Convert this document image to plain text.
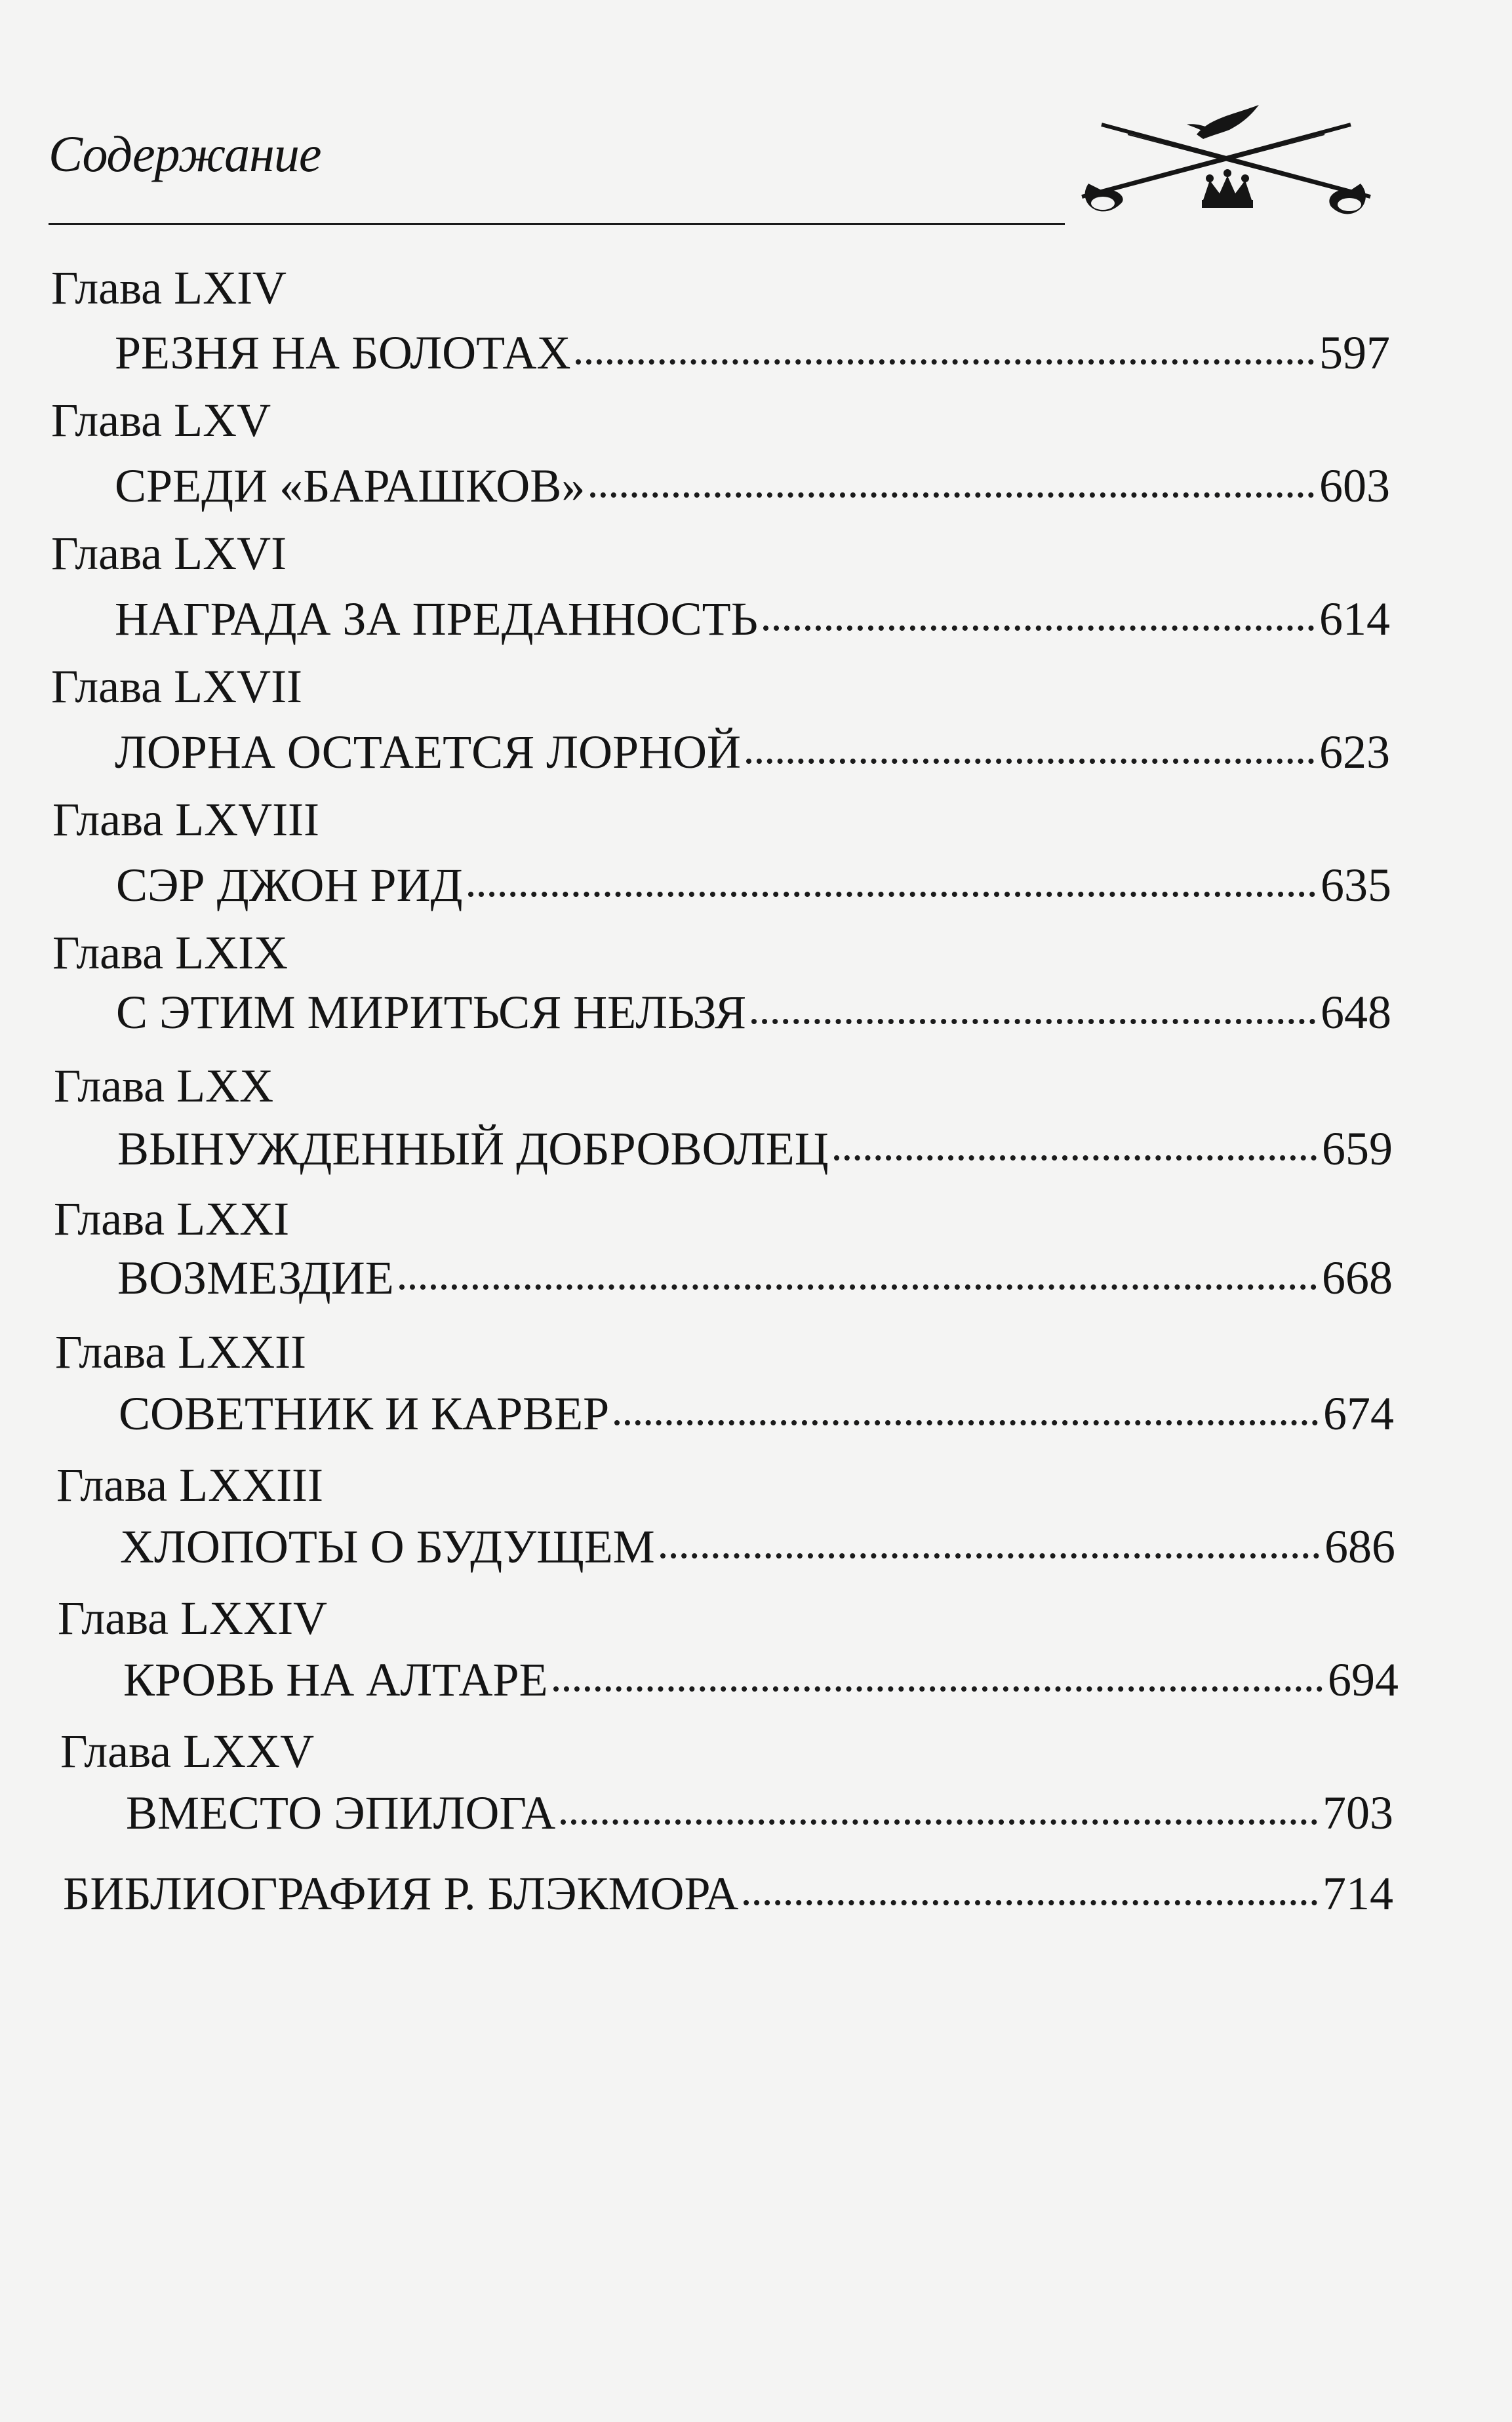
Содержание
Глава LXIV
РЕЗНЯ НА БОЛОТАХ	597
Глава LXV
СРЕДИ «БАРАШКОВ»	603
Глава LXVI
НАГРАДА ЗА ПРЕДАННОСТЬ	614
Глава LXVII
ЛОРНА ОСТАЕТСЯ ЛОРНОЙ	623
Глава LXVIII
СЭР ДЖОН РИД	635
Глава LXIX
С ЭТИМ МИРИТЬСЯ НЕЛЬЗЯ	648
Глава LXX
ВЫНУЖДЕННЫЙ ДОБРОВОЛЕЦ	659
Глава LXXI
ВОЗМЕЗДИЕ	668
Глава LXXII
СОВЕТНИК И КАРВЕР	674
Глава LXXIII
ХЛОПОТЫ О БУДУЩЕМ	686
Глава LXXIV
КРОВЬ НА АЛТАРЕ	694
Глава LXXV
ВМЕСТО ЭПИЛОГА	703
БИБЛИОГРАФИЯ Р. БЛЭКМОРА	714
